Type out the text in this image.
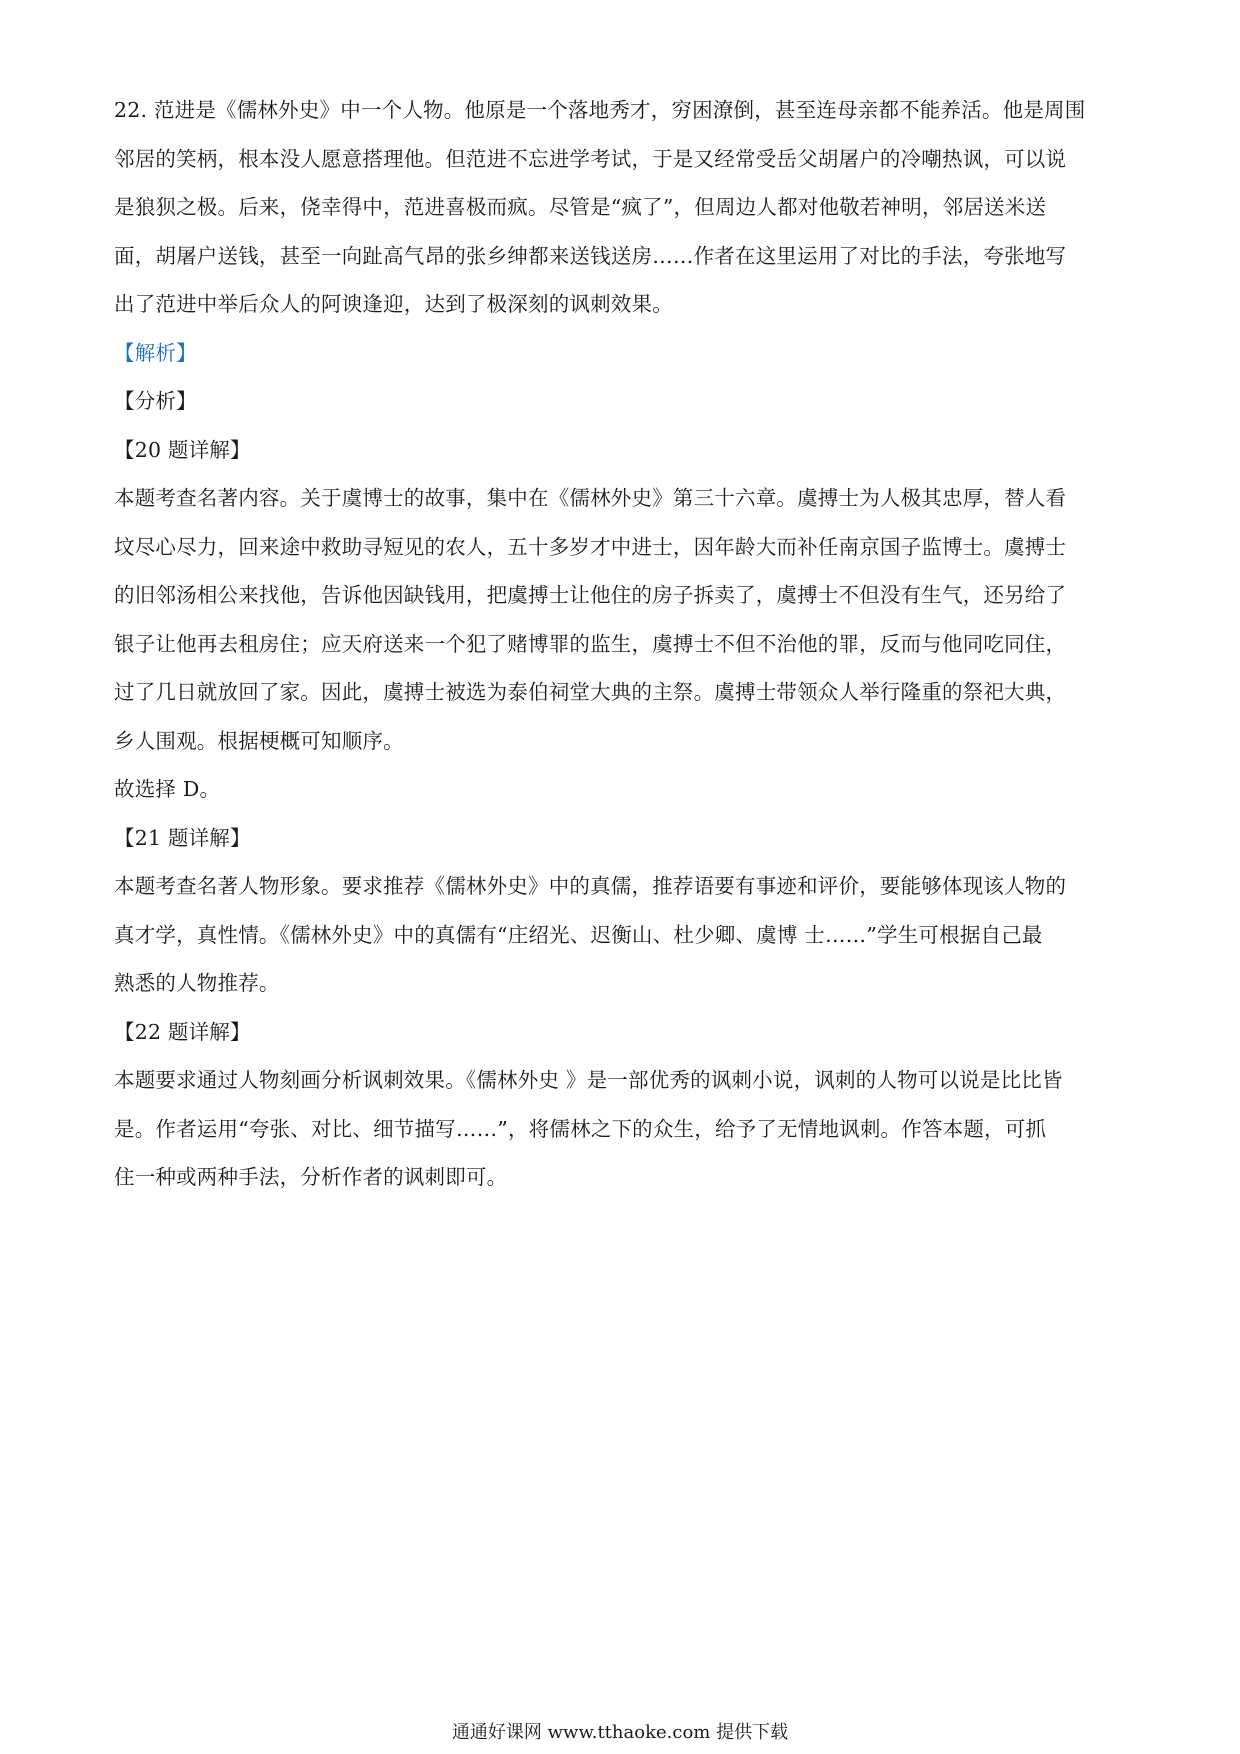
22. 范进是《儒林外史》中一个人物。他原是一个落地秀才，穷困潦倒，甚至连母亲都不能养活。他是周围
邻居的笑柄，根本没人愿意搭理他。但范进不忘进学考试，于是又经常受岳父胡屠户的冷嘲热讽，可以说
是狼狈之极。后来，侥幸得中，范进喜极而疯。尽管是“疯了”，但周边人都对他敬若神明，邻居送米送
面，胡屠户送钱，甚至一向趾高气昂的张乡绅都来送钱送房……作者在这里运用了对比的手法，夸张地写
出了范进中举后众人的阿谀逢迎，达到了极深刻的讽刺效果。
【解析】
【分析】
【20 题详解】
本题考查名著内容。关于虞博士的故事，集中在《儒林外史》第三十六章。虞搏士为人极其忠厚，替人看
坟尽心尽力，回来途中救助寻短见的农人，五十多岁才中进士，因年龄大而补任南京国子监博士。虞搏士
的旧邻汤相公来找他，告诉他因缺钱用，把虞搏士让他住的房子拆卖了，虞搏士不但没有生气，还另给了
银子让他再去租房住；应天府送来一个犯了赌博罪的监生，虞搏士不但不治他的罪，反而与他同吃同住，
过了几日就放回了家。因此，虞搏士被选为泰伯祠堂大典的主祭。虞搏士带领众人举行隆重的祭祀大典，
乡人围观。根据梗概可知顺序。
故选择 D。
【21 题详解】
本题考查名著人物形象。要求推荐《儒林外史》中的真儒，推荐语要有事迹和评价，要能够体现该人物的
真才学，真性情。《儒林外史》中的真儒有“庄绍光、迟衡山、杜少卿、虞博 士……”学生可根据自己最
熟悉的人物推荐。
【22 题详解】
本题要求通过人物刻画分析讽刺效果。《儒林外史 》是一部优秀的讽刺小说，讽刺的人物可以说是比比皆
是。作者运用“夸张、对比、细节描写……”，将儒林之下的众生，给予了无情地讽刺。作答本题，可抓
住一种或两种手法，分析作者的讽刺即可。
通通好课网 www.tthaoke.com 提供下载
